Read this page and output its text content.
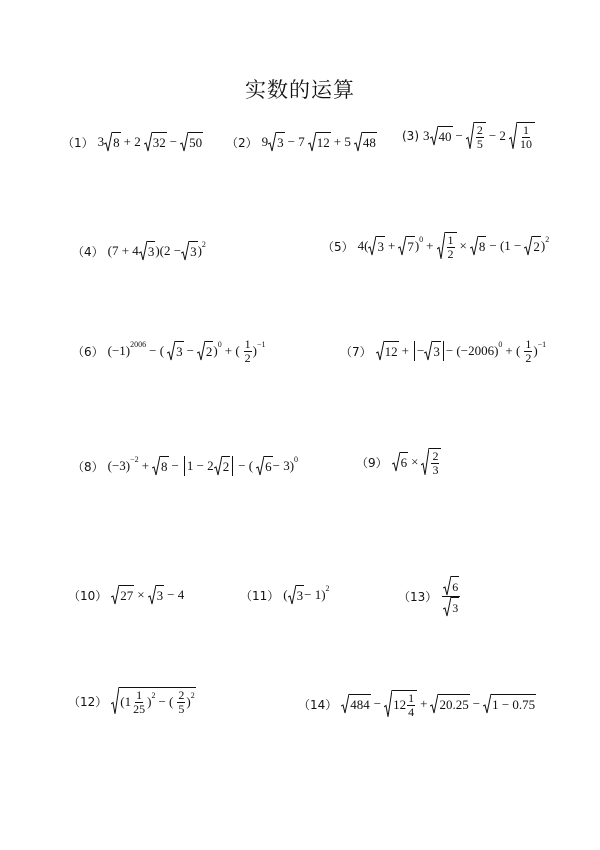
实数的运算
（1） 3 8 + 2 32 − 50 （2） 9 3 − 7 12 + 5 48 (3) 3 $40 - \frac{2}{5} - 2 \frac{1}{10}$
（4） (7 + 4 3 )(2 − 3 )$^2$	（5） 4( 3 + 7 )$^0 + \frac{1}{2} \times 8 - (1 - 2$ )$^2$
（6） $(-1)^{2006}$ − ( 3 − 2 )$^0$ + ( $\frac{1}{2} )^{-1}$	（7） 12 + − $3 - (-2006)^0$ + ( $\frac{1}{2} )^{-1}$
（8） $(-3)^{-2} + 8 - 1 - 2$ 2 − ( 6 − 3)$^0$	（9） $6 \times \frac{2}{3}$
（10） 27 × 3 − 4	（11） ( 3 − 1)$^2$
$(13) \frac{6}{3}$
（12） $(1 \frac{1}{25} )^2$ − ( $\frac{2}{5} )^2$
（14） $484 - 12 \frac{1}{4} + 20.25 - 1 - 0.75$
